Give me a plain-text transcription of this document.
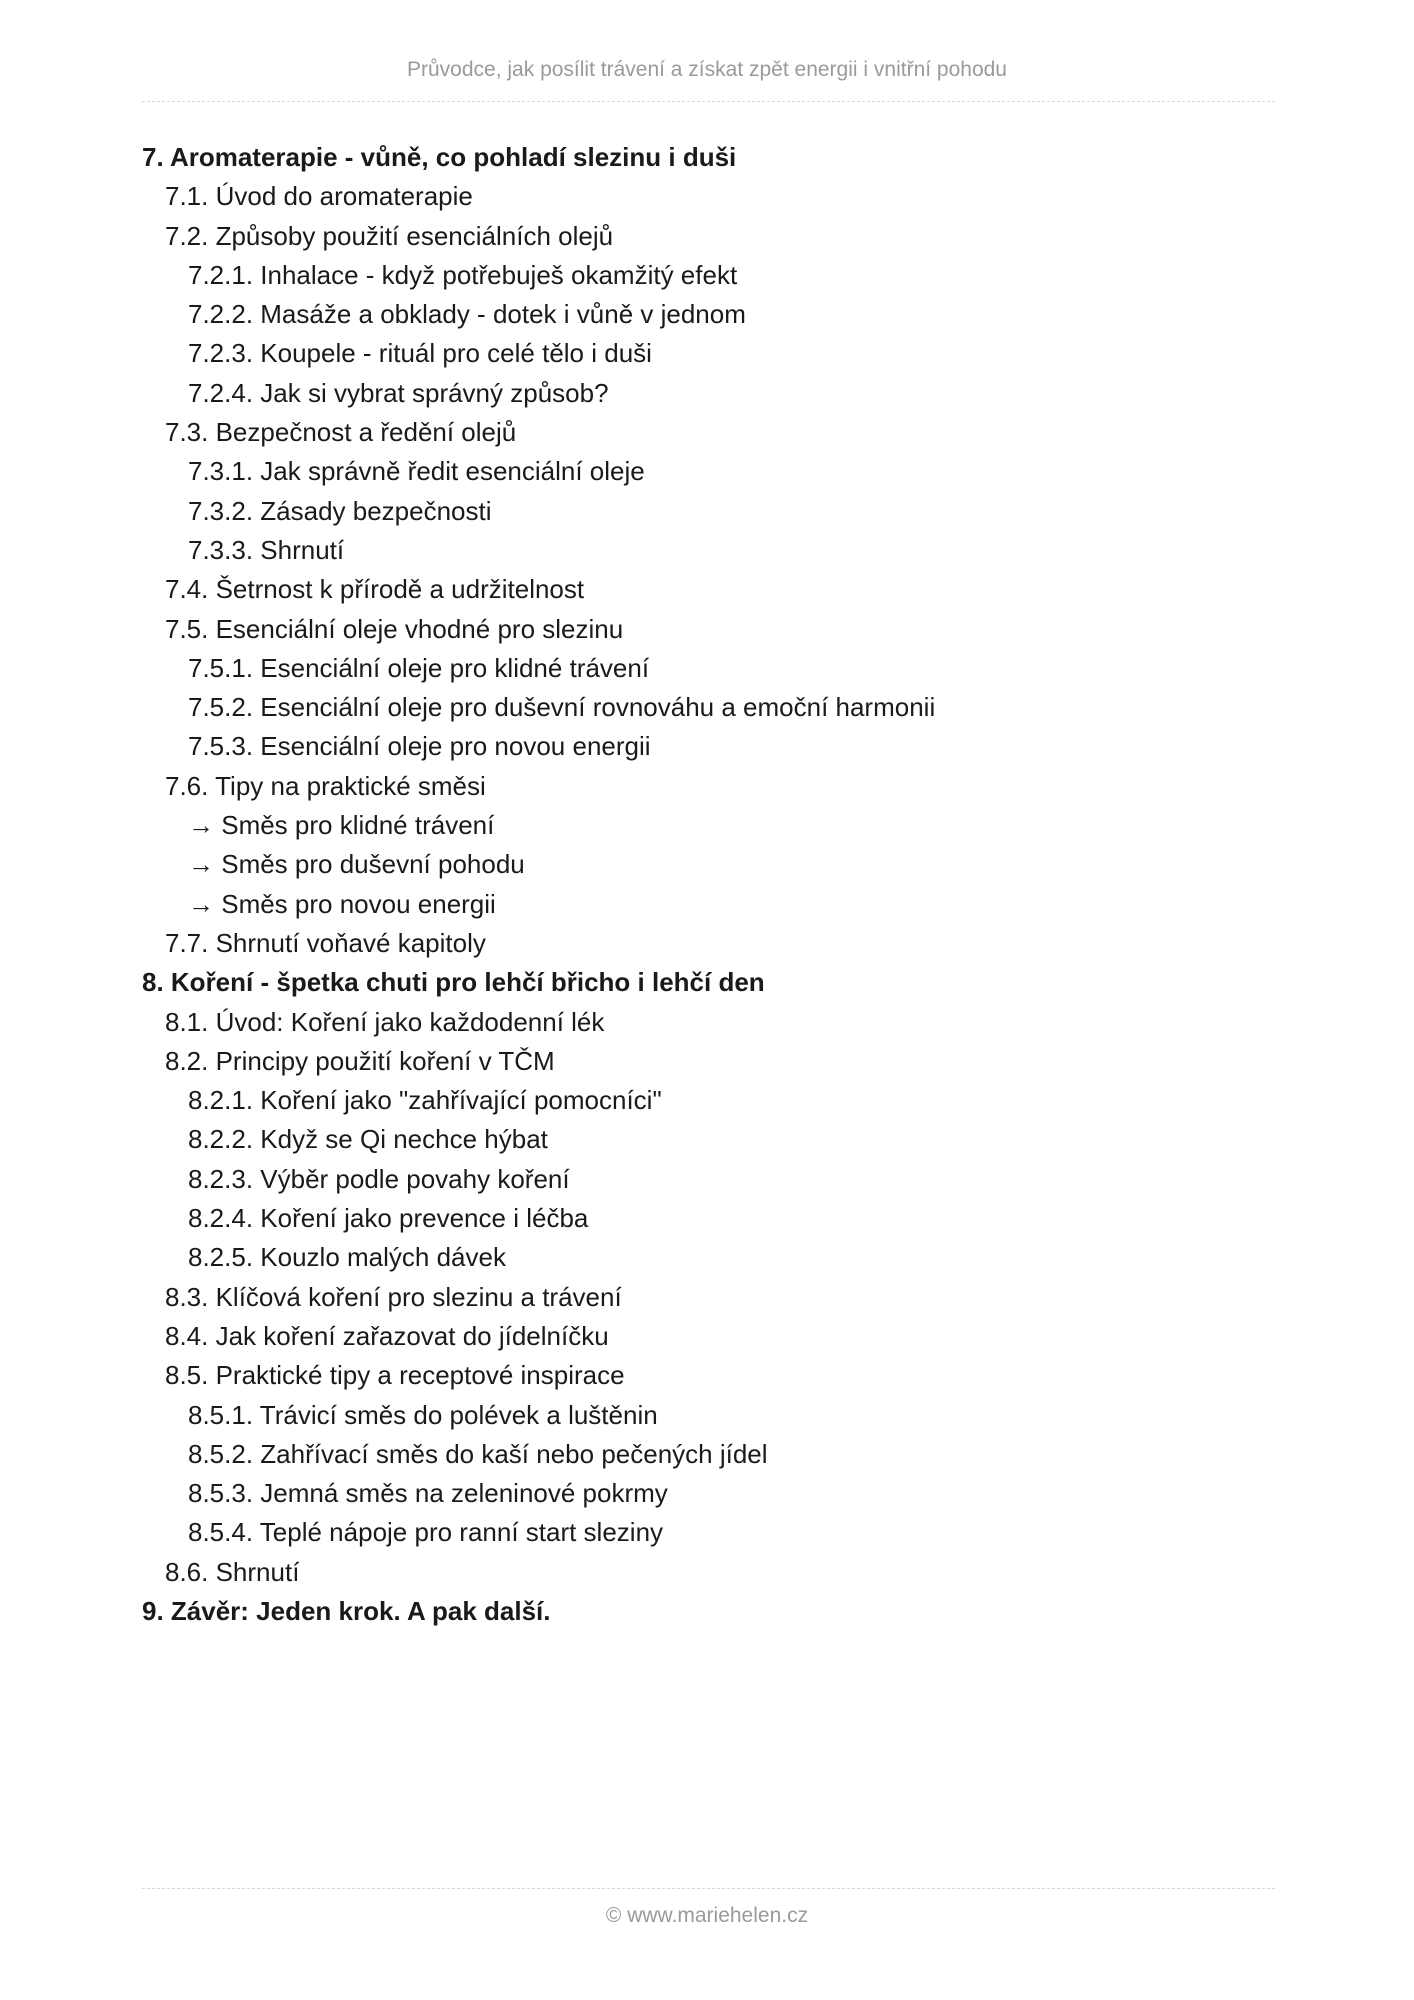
Průvodce, jak posílit trávení a získat zpět energii i vnitřní pohodu
7. Aromaterapie - vůně, co pohladí slezinu i duši
7.1. Úvod do aromaterapie
7.2. Způsoby použití esenciálních olejů
7.2.1. Inhalace - když potřebuješ okamžitý efekt
7.2.2. Masáže a obklady - dotek i vůně v jednom
7.2.3. Koupele - rituál pro celé tělo i duši
7.2.4. Jak si vybrat správný způsob?
7.3. Bezpečnost a ředění olejů
7.3.1. Jak správně ředit esenciální oleje
7.3.2. Zásady bezpečnosti
7.3.3. Shrnutí
7.4. Šetrnost k přírodě a udržitelnost
7.5. Esenciální oleje vhodné pro slezinu
7.5.1. Esenciální oleje pro klidné trávení
7.5.2. Esenciální oleje pro duševní rovnováhu a emoční harmonii
7.5.3. Esenciální oleje pro novou energii
7.6. Tipy na praktické směsi
→ Směs pro klidné trávení
→ Směs pro duševní pohodu
→ Směs pro novou energii
7.7. Shrnutí voňavé kapitoly
8. Koření - špetka chuti pro lehčí břicho i lehčí den
8.1. Úvod: Koření jako každodenní lék
8.2. Principy použití koření v TČM
8.2.1. Koření jako "zahřívající pomocníci"
8.2.2. Když se Qi nechce hýbat
8.2.3. Výběr podle povahy koření
8.2.4. Koření jako prevence i léčba
8.2.5. Kouzlo malých dávek
8.3. Klíčová koření pro slezinu a trávení
8.4. Jak koření zařazovat do jídelníčku
8.5. Praktické tipy a receptové inspirace
8.5.1. Trávicí směs do polévek a luštěnin
8.5.2. Zahřívací směs do kaší nebo pečených jídel
8.5.3. Jemná směs na zeleninové pokrmy
8.5.4. Teplé nápoje pro ranní start sleziny
8.6. Shrnutí
9. Závěr: Jeden krok. A pak další.
© www.mariehelen.cz
